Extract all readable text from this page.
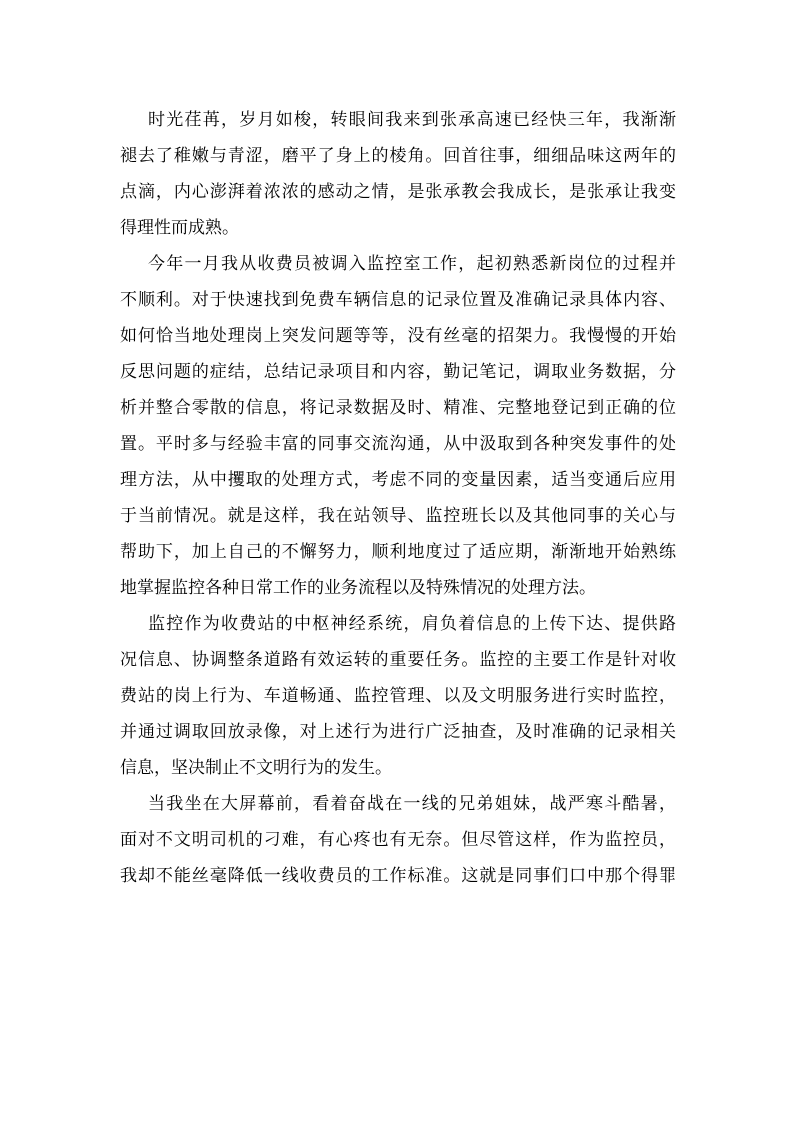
时光荏苒，岁月如梭，转眼间我来到张承高速已经快三年，我渐渐
褪去了稚嫩与青涩，磨平了身上的棱角。回首往事，细细品味这两年的
点滴，内心澎湃着浓浓的感动之情，是张承教会我成长，是张承让我变
得理性而成熟。
今年一月我从收费员被调入监控室工作，起初熟悉新岗位的过程并
不顺利。对于快速找到免费车辆信息的记录位置及准确记录具体内容、
如何恰当地处理岗上突发问题等等，没有丝毫的招架力。我慢慢的开始
反思问题的症结，总结记录项目和内容，勤记笔记，调取业务数据，分
析并整合零散的信息，将记录数据及时、精准、完整地登记到正确的位
置。平时多与经验丰富的同事交流沟通，从中汲取到各种突发事件的处
理方法，从中攫取的处理方式，考虑不同的变量因素，适当变通后应用
于当前情况。就是这样，我在站领导、监控班长以及其他同事的关心与
帮助下，加上自己的不懈努力，顺利地度过了适应期，渐渐地开始熟练
地掌握监控各种日常工作的业务流程以及特殊情况的处理方法。
监控作为收费站的中枢神经系统，肩负着信息的上传下达、提供路
况信息、协调整条道路有效运转的重要任务。监控的主要工作是针对收
费站的岗上行为、车道畅通、监控管理、以及文明服务进行实时监控，
并通过调取回放录像，对上述行为进行广泛抽查，及时准确的记录相关
信息，坚决制止不文明行为的发生。
当我坐在大屏幕前，看着奋战在一线的兄弟姐妹，战严寒斗酷暑，
面对不文明司机的刁难，有心疼也有无奈。但尽管这样，作为监控员，
我却不能丝毫降低一线收费员的工作标准。这就是同事们口中那个得罪
